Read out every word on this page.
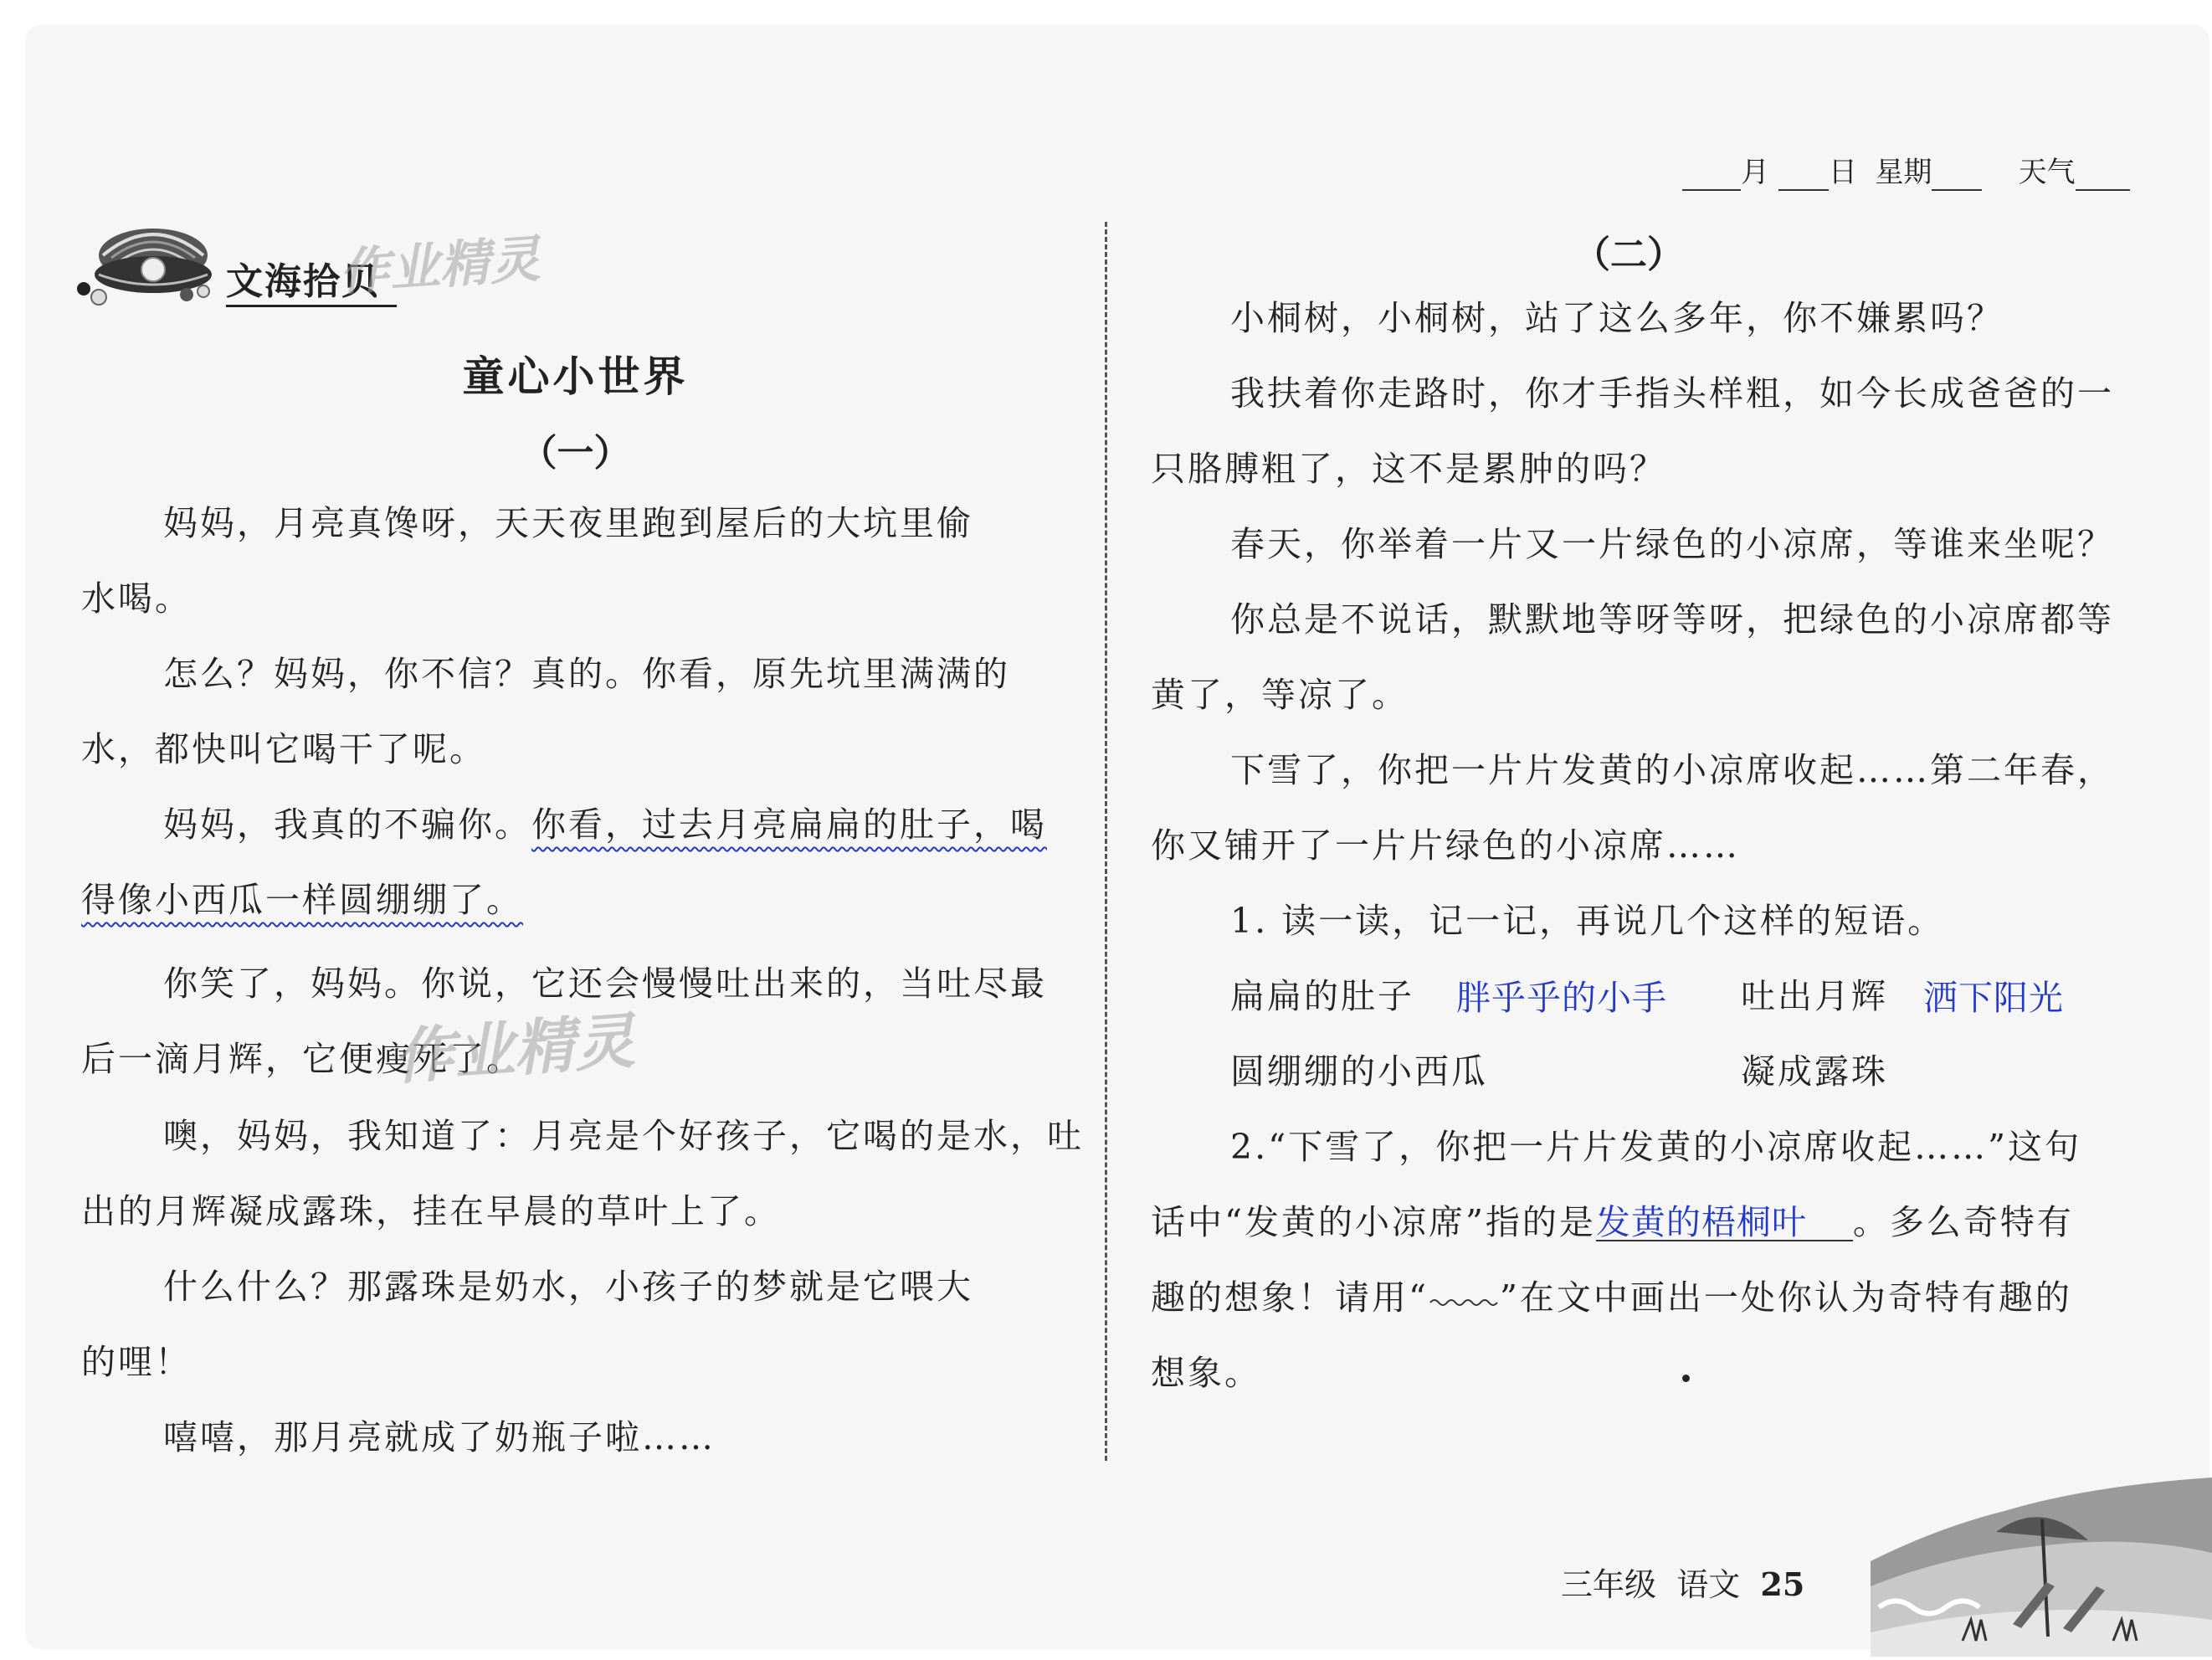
月 日 星期	天气
文海拾贝
作业精灵
童心小世界
（一）
妈妈，月亮真馋呀，天天夜里跑到屋后的大坑里偷
水喝。
怎么？妈妈，你不信？真的。你看，原先坑里满满的
水，都快叫它喝干了呢。
妈妈，我真的不骗你。你看，过去月亮扁扁的肚子，喝
得像小西瓜一样圆绷绷了。
你笑了，妈妈。你说，它还会慢慢吐出来的，当吐尽最
后一滴月辉，它便瘦死了。
作业精灵
噢，妈妈，我知道了：月亮是个好孩子，它喝的是水，吐
出的月辉凝成露珠，挂在早晨的草叶上了。
什么什么？那露珠是奶水，小孩子的梦就是它喂大
的哩！
嘻嘻，那月亮就成了奶瓶子啦……
（二）
小桐树，小桐树，站了这么多年，你不嫌累吗？
我扶着你走路时，你才手指头样粗，如今长成爸爸的一
只胳膊粗了，这不是累肿的吗？
春天，你举着一片又一片绿色的小凉席，等谁来坐呢？
你总是不说话，默默地等呀等呀，把绿色的小凉席都等
黄了，等凉了。
下雪了，你把一片片发黄的小凉席收起……第二年春，
你又铺开了一片片绿色的小凉席……
1. 读一读，记一记，再说几个这样的短语。
扁扁的肚子 胖乎乎的小手 吐出月辉 洒下阳光
圆绷绷的小西瓜	凝成露珠
2.“下雪了，你把一片片发黄的小凉席收起……”这句
话中“发黄的小凉席”指的是发黄的梧桐叶 。多么奇特有
趣的想象！请用“ ”在文中画出一处你认为奇特有趣的
想象。
三年级 语文 25
